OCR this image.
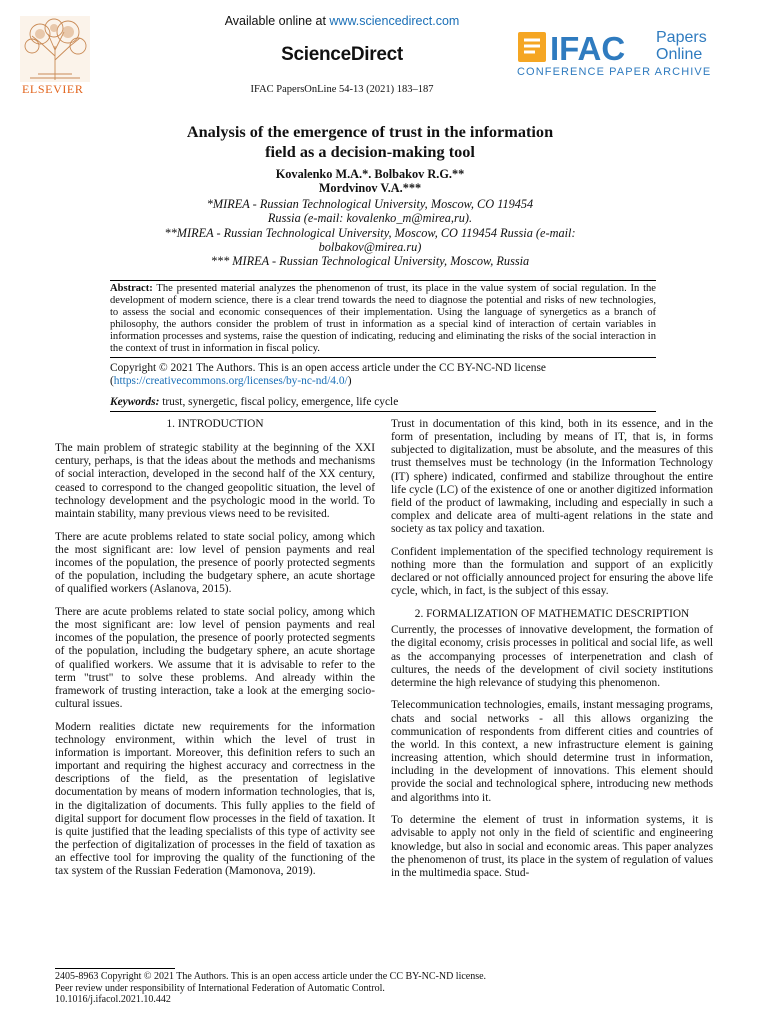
Available online at www.sciencedirect.com
ScienceDirect
IFAC PapersOnLine 54-13 (2021) 183–187
ELSEVIER
IFAC Papers
Online
CONFERENCE PAPER ARCHIVE
Analysis of the emergence of trust in the information
field as a decision-making tool
Kovalenko M.A.*. Bolbakov R.G.**
Mordvinov V.A.***
*MIREA - Russian Technological University, Moscow, CO 119454
Russia (e-mail: kovalenko_m@mirea,ru).
**MIREA - Russian Technological University, Moscow, CO 119454 Russia (e-mail:
bolbakov@mirea.ru)
*** MIREA - Russian Technological University, Moscow, Russia
Abstract: The presented material analyzes the phenomenon of trust, its place in the value system of social regulation. In the development of modern science, there is a clear trend towards the need to diagnose the potential and risks of new technologies, to assess the social and economic consequences of their implementation. Using the language of synergetics as a branch of philosophy, the authors consider the problem of trust in information as a special kind of interaction of certain variables in information processes and systems, raise the question of indicating, reducing and eliminating the risks of the social interaction in the context of trust in information in fiscal policy.
Copyright © 2021 The Authors. This is an open access article under the CC BY-NC-ND license
(https://creativecommons.org/licenses/by-nc-nd/4.0/)
Keywords: trust, synergetic, fiscal policy, emergence, life cycle
1. INTRODUCTION

The main problem of strategic stability at the beginning of the XXI century, perhaps, is that the ideas about the methods and mechanisms of social interaction, developed in the second half of the XX century, ceased to correspond to the changed geopolitic situation, the level of technology development and the psychologic mood in the world. To maintain stability, many previous views need to be revisited.

There are acute problems related to state social policy, among which the most significant are: low level of pension payments and real incomes of the population, the presence of poorly protected segments of the population, including the budgetary sphere, an acute shortage of qualified workers (Aslanova, 2015).

There are acute problems related to state social policy, among which the most significant are: low level of pension payments and real incomes of the population, the presence of poorly protected segments of the population, including the budgetary sphere, an acute shortage of qualified workers. We assume that it is advisable to refer to the term "trust" to solve these problems. And already within the framework of trusting interaction, take a look at the emerging socio-cultural issues.

Modern realities dictate new requirements for the information technology environment, within which the level of trust in information is important. Moreover, this definition refers to such an important and requiring the highest accuracy and correctness in the descriptions of the field, as the presentation of legislative documentation by means of modern information technologies, that is, in the digitalization of documents. This fully applies to the field of digital support for document flow processes in the field of taxation. It is quite justified that the leading specialists of this type of activity see the perfection of digitalization of processes in the field of taxation as an effective tool for improving the quality of the functioning of the tax system of the Russian Federation (Mamonova, 2019).

Trust in documentation of this kind, both in its essence, and in the form of presentation, including by means of IT, that is, in forms subjected to digitalization, must be absolute, and the measures of this trust themselves must be technology (in the Information Technology (IT) sphere) indicated, confirmed and stabilize throughout the entire life cycle (LC) of the existence of one or another digitized information field of the product of lawmaking, including and especially in such a complex and delicate area of multi-agent relations in the state and society as tax policy and taxation.

Confident implementation of the specified technology requirement is nothing more than the formulation and support of an explicitly declared or not officially announced project for ensuring the above life cycle, which, in fact, is the subject of this essay.

2. FORMALIZATION OF MATHEMATIC DESCRIPTION

Currently, the processes of innovative development, the formation of the digital economy, crisis processes in political and social life, as well as the accompanying processes of interpenetration and clash of cultures, the needs of the development of civil society institutions determine the high relevance of studying this phenomenon.

Telecommunication technologies, emails, instant messaging programs, chats and social networks - all this allows organizing the communication of respondents from different cities and countries of the world. In this context, a new infrastructure element is gaining increasing attention, which should determine trust in information, including in the development of innovations. This element should provide the social and technological sphere, introducing new methods and algorithms into it.

To determine the element of trust in information systems, it is advisable to apply not only in the field of scientific and engineering knowledge, but also in social and economic areas. This paper analyzes the phenomenon of trust, its place in the system of regulation of values in the multimedia space. Stud-

2405-8963 Copyright © 2021 The Authors. This is an open access article under the CC BY-NC-ND license.
Peer review under responsibility of International Federation of Automatic Control.
10.1016/j.ifacol.2021.10.442
